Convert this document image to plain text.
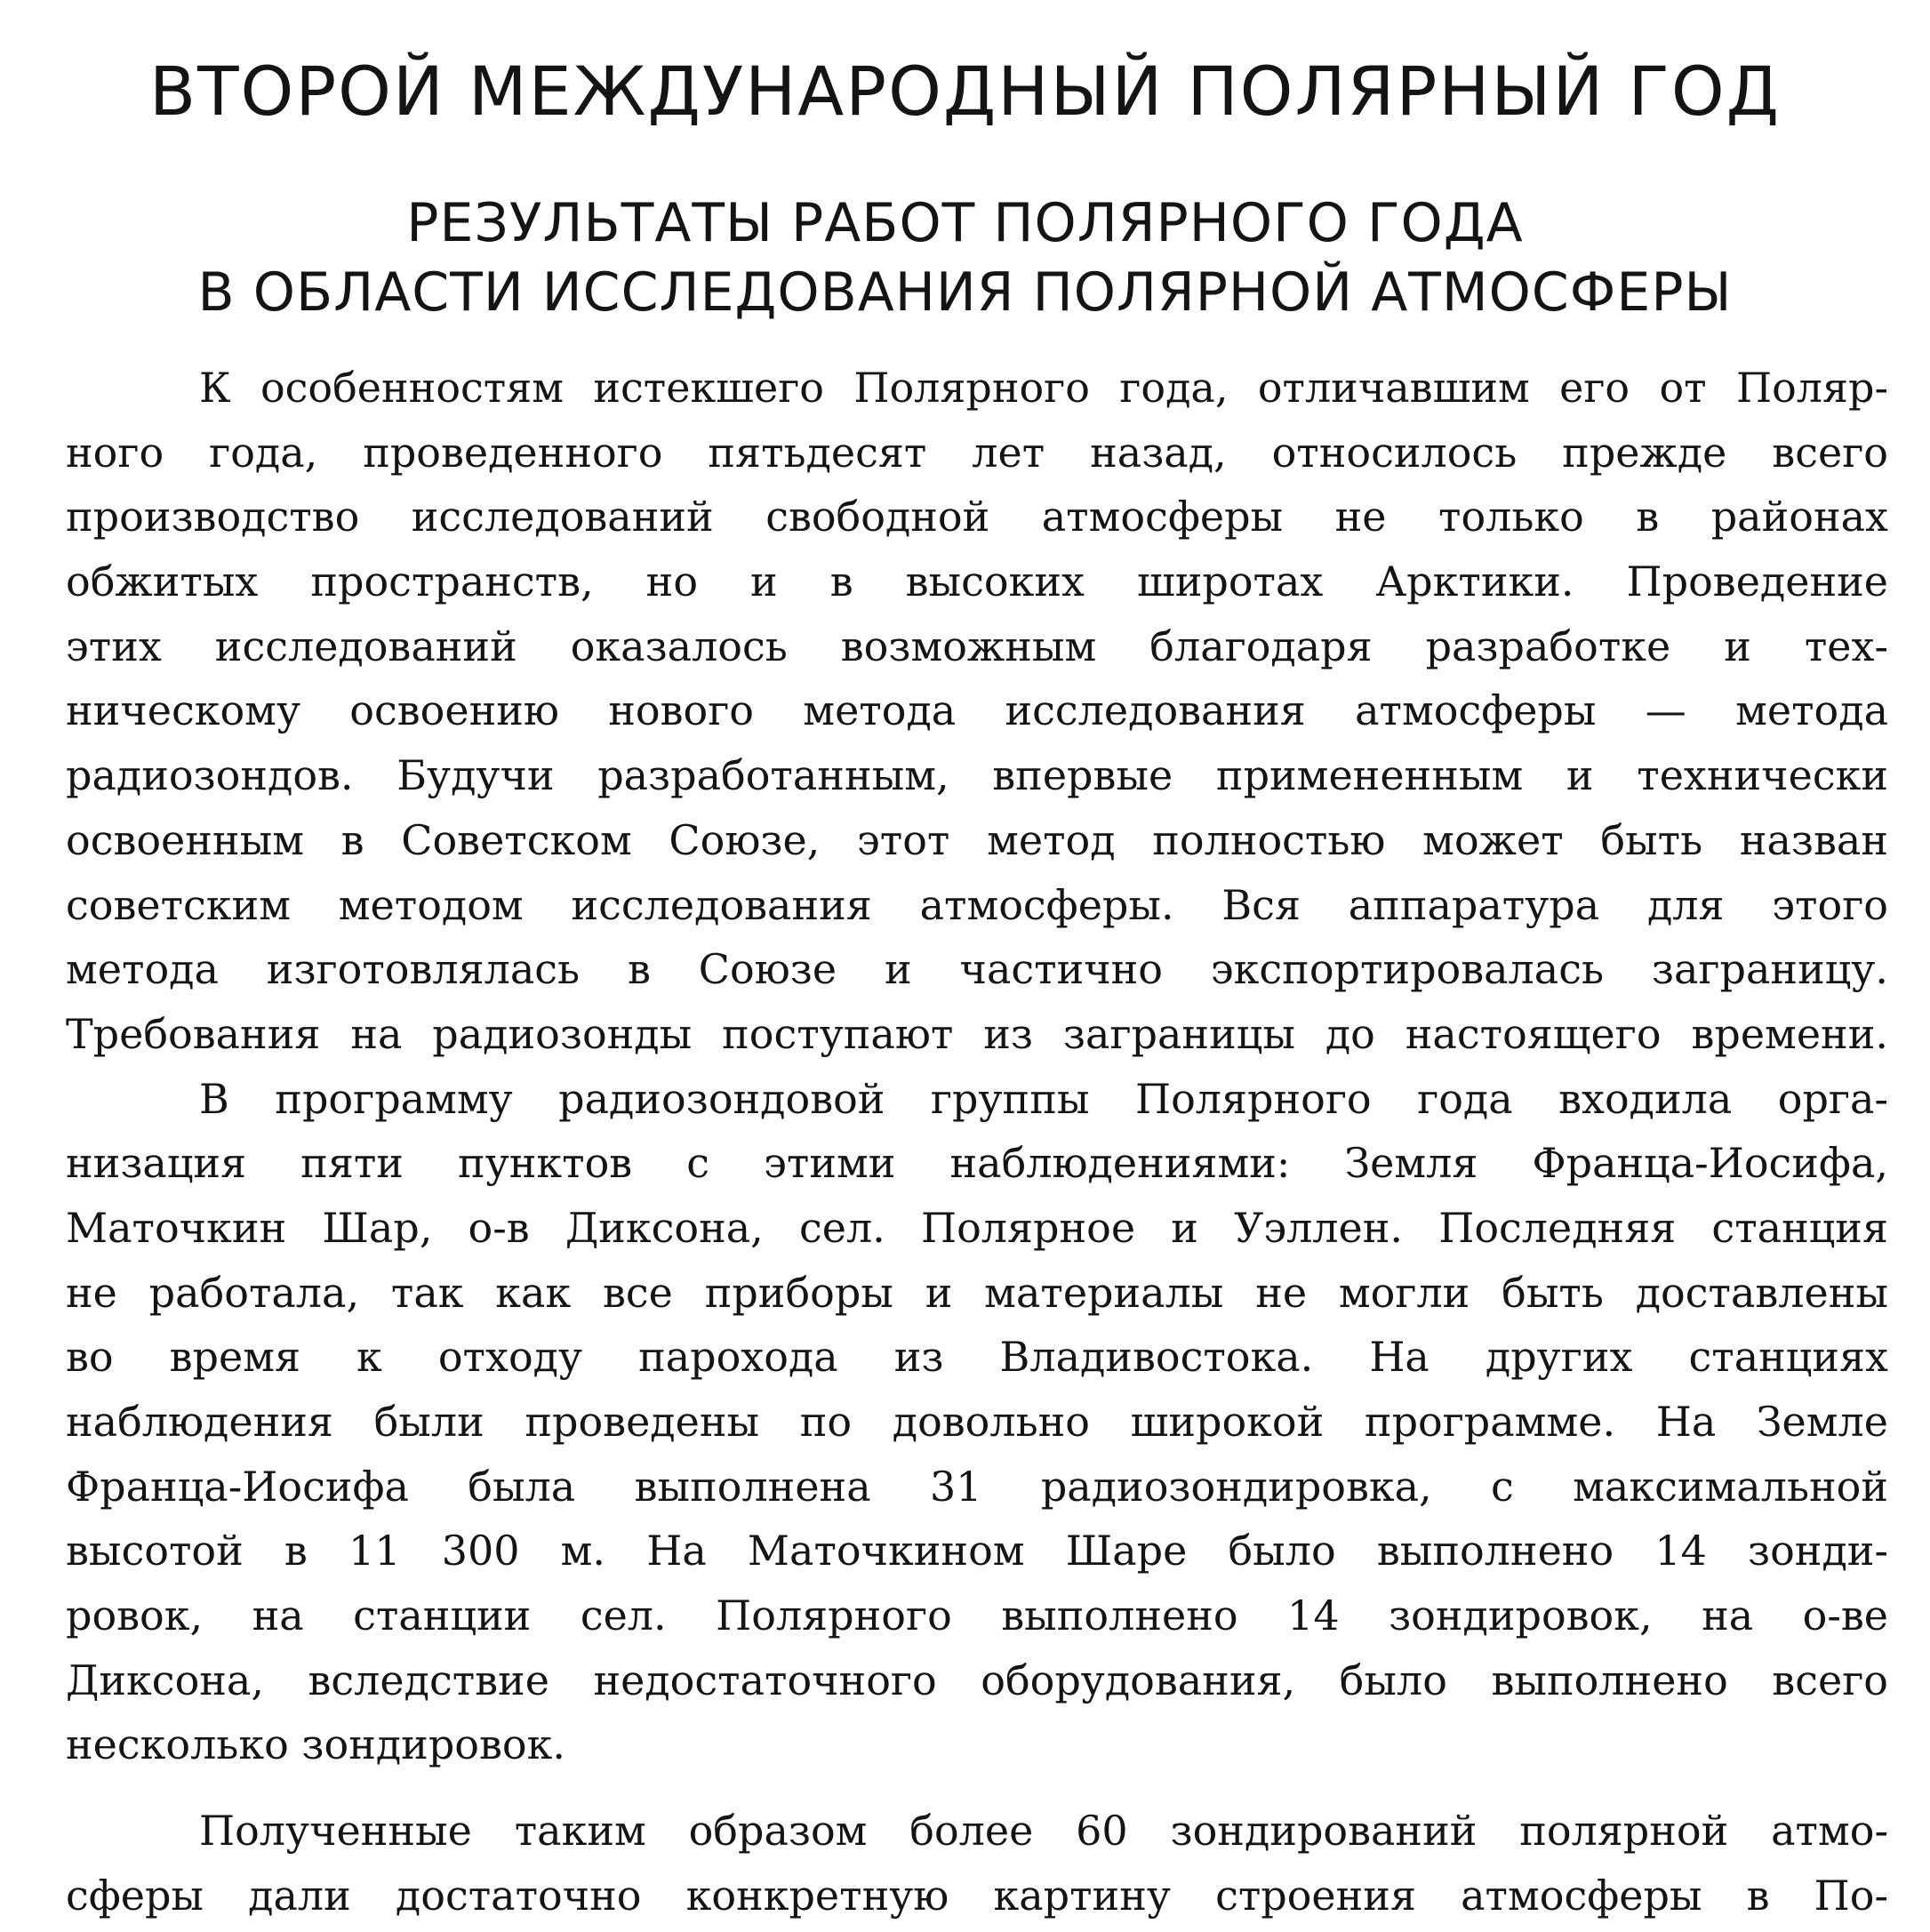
ВТОРОЙ МЕЖДУНАРОДНЫЙ ПОЛЯРНЫЙ ГОД
РЕЗУЛЬТАТЫ РАБОТ ПОЛЯРНОГО ГОДА
В ОБЛАСТИ ИССЛЕДОВАНИЯ ПОЛЯРНОЙ АТМОСФЕРЫ
К особенностям истекшего Полярного года, отличавшим его от Поляр-
ного года, проведенного пятьдесят лет назад, относилось прежде всего
производство исследований свободной атмосферы не только в районах
обжитых пространств, но и в высоких широтах Арктики. Проведение
этих исследований оказалось возможным благодаря разработке и тех-
ническому освоению нового метода исследования атмосферы — метода
радиозондов. Будучи разработанным, впервые примененным и технически
освоенным в Советском Союзе, этот метод полностью может быть назван
советским методом исследования атмосферы. Вся аппаратура для этого
метода изготовлялась в Союзе и частично экспортировалась заграницу.
Требования на радиозонды поступают из заграницы до настоящего времени.
В программу радиозондовой группы Полярного года входила орга-
низация пяти пунктов с этими наблюдениями: Земля Франца-Иосифа,
Маточкин Шар, о-в Диксона, сел. Полярное и Уэллен. Последняя станция
не работала, так как все приборы и материалы не могли быть доставлены
во время к отходу парохода из Владивостока. На других станциях
наблюдения были проведены по довольно широкой программе. На Земле
Франца-Иосифа была выполнена 31 радиозондировка, с максимальной
высотой в 11 300 м. На Маточкином Шаре было выполнено 14 зонди-
ровок, на станции сел. Полярного выполнено 14 зондировок, на о-ве
Диксона, вследствие недостаточного оборудования, было выполнено всего
несколько зондировок.
Полученные таким образом более 60 зондирований полярной атмо-
сферы дали достаточно конкретную картину строения атмосферы в По-
